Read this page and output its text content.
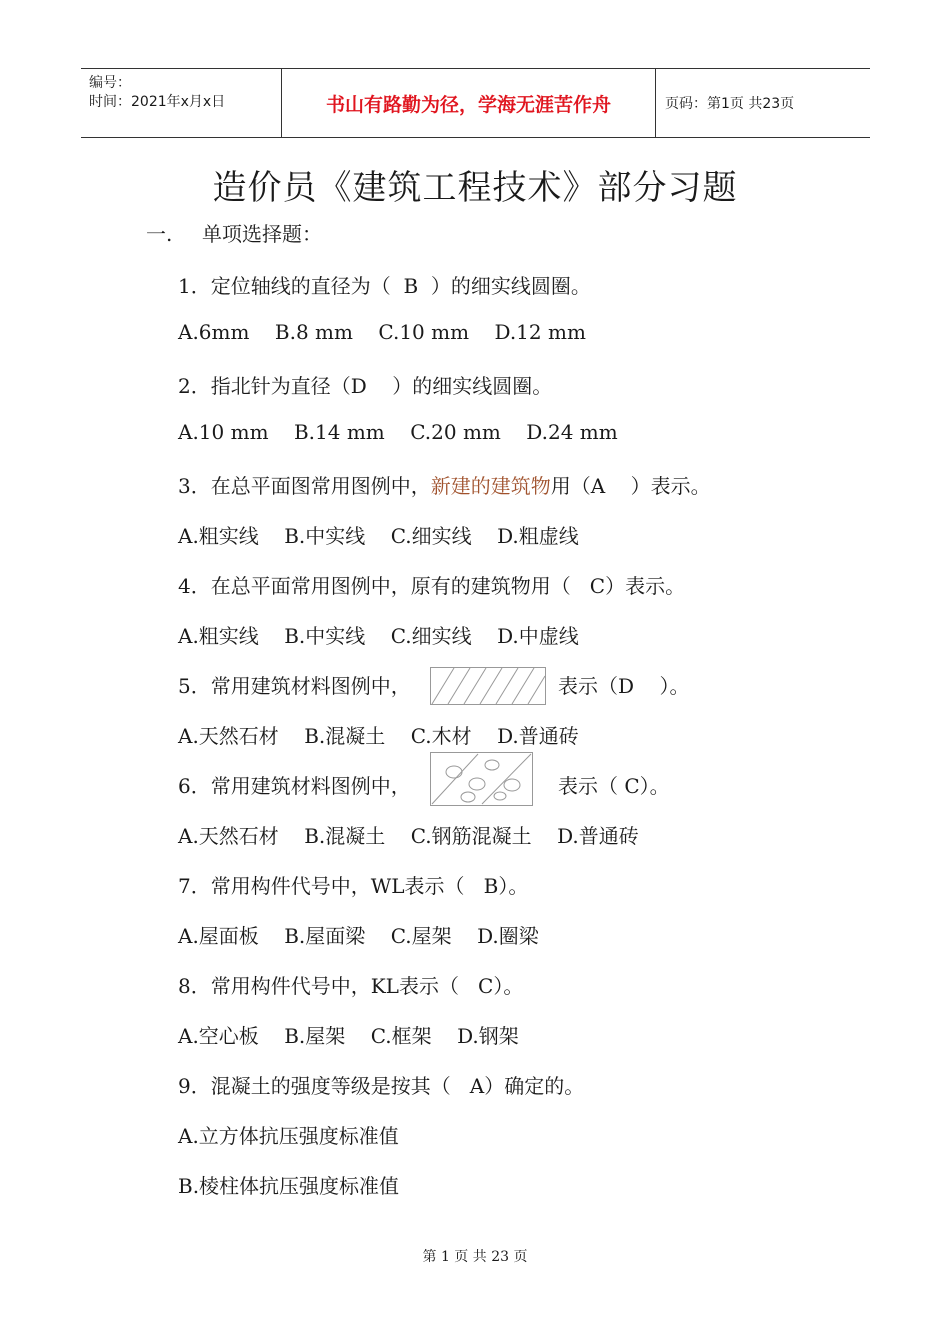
编号：
时间：2021年x月x日	书山有路勤为径，学海无涯苦作舟	页码：第1页 共23页
造价员《建筑工程技术》部分习题
一. 单项选择题：
1．定位轴线的直径为（  B  ）的细实线圆圈。
A.6mm    B.8 mm    C.10 mm    D.12 mm
2．指北针为直径（D    ）的细实线圆圈。
A.10 mm    B.14 mm    C.20 mm    D.24 mm
3．在总平面图常用图例中，新建的建筑物用（A    ）表示。
A.粗实线    B.中实线    C.细实线    D.粗虚线
4．在总平面常用图例中，原有的建筑物用（   C）表示。
A.粗实线    B.中实线    C.细实线    D.中虚线
5．常用建筑材料图例中，	表示（D    ）。
A.天然石材    B.混凝土    C.木材    D.普通砖
6．常用建筑材料图例中，	表示（ C）。
A.天然石材    B.混凝土    C.钢筋混凝土    D.普通砖
7．常用构件代号中，WL表示（   B）。
A.屋面板    B.屋面梁    C.屋架    D.圈梁
8．常用构件代号中，KL表示（   C）。
A.空心板    B.屋架    C.框架    D.钢架
9．混凝土的强度等级是按其（   A）确定的。
A.立方体抗压强度标准值
B.棱柱体抗压强度标准值
第 1 页 共 23 页
